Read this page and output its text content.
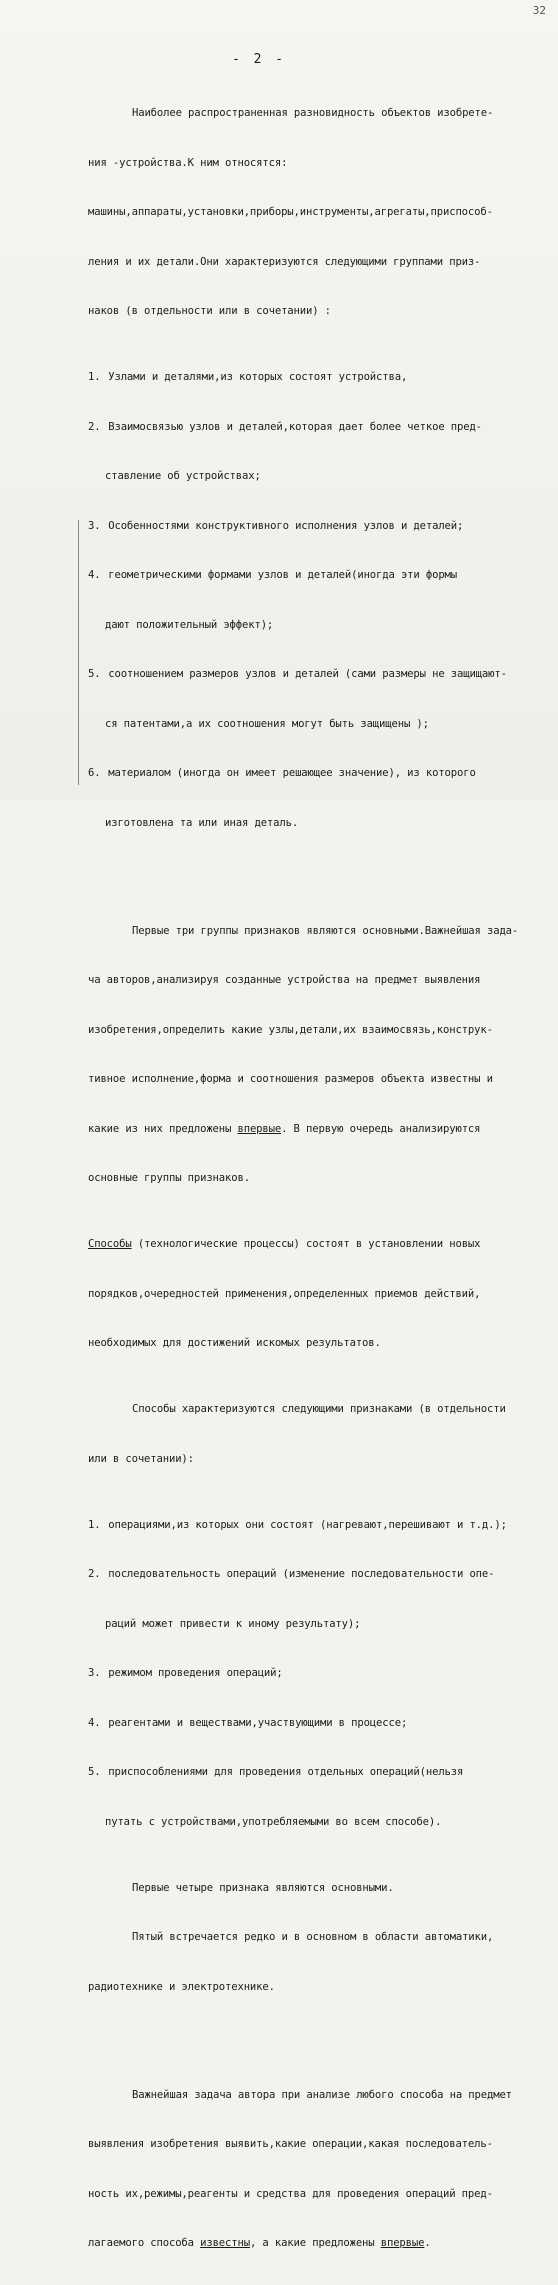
32
- 2 -

Наиболее распространенная разновидность объектов изобрете-

ния -устройства.К ним относятся:

машины,аппараты,установки,приборы,инструменты,агрегаты,приспособ-

ления и их детали.Они характеризуются следующими группами приз-

наков (в отдельности или в сочетании) :

1. Узлами и деталями,из которых состоят устройства,

2. Взаимосвязью узлов и деталей,которая дает более четкое пред-

ставление об устройствах;

3. Особенностями конструктивного исполнения узлов и деталей;

4. геометрическими формами узлов и деталей(иногда эти формы

дают положительный эффект);

5. соотношением размеров узлов и деталей (сами размеры не защищают-

ся патентами,а их соотношения могут быть защищены );

6. материалом (иногда он имеет решающее значение), из которого

изготовлена та или иная деталь.

Первые три группы признаков являются основными.Важнейшая зада-

ча авторов,анализируя созданные устройства на предмет выявления

изобретения,определить какие узлы,детали,их взаимосвязь,конструк-

тивное исполнение,форма и соотношения размеров объекта известны и

какие из них предложены впервые. В первую очередь анализируются

основные группы признаков.

Способы (технологические процессы) состоят в установлении новых

порядков,очередностей применения,определенных приемов действий,

необходимых для достижений искомых результатов.

Способы характеризуются следующими признаками (в отдельности

или в сочетании):

1. операциями,из которых они состоят (нагревают,перешивают и т.д.);

2. последовательность операций (изменение последовательности опе-

раций может привести к иному результату);

3. режимом проведения операций;

4. реагентами и веществами,участвующими в процессе;

5. приспособлениями для проведения отдельных операций(нельзя

путать с устройствами,употребляемыми во всем способе).

Первые четыре признака являются основными.

Пятый встречается редко и в основном в области автоматики,

радиотехнике и электротехнике.

Важнейшая задача автора при анализе любого способа на предмет

выявления изобретения выявить,какие операции,какая последователь-

ность их,режимы,реагенты и средства для проведения операций пред-

лагаемого способа известны, а какие предложены впервые.
